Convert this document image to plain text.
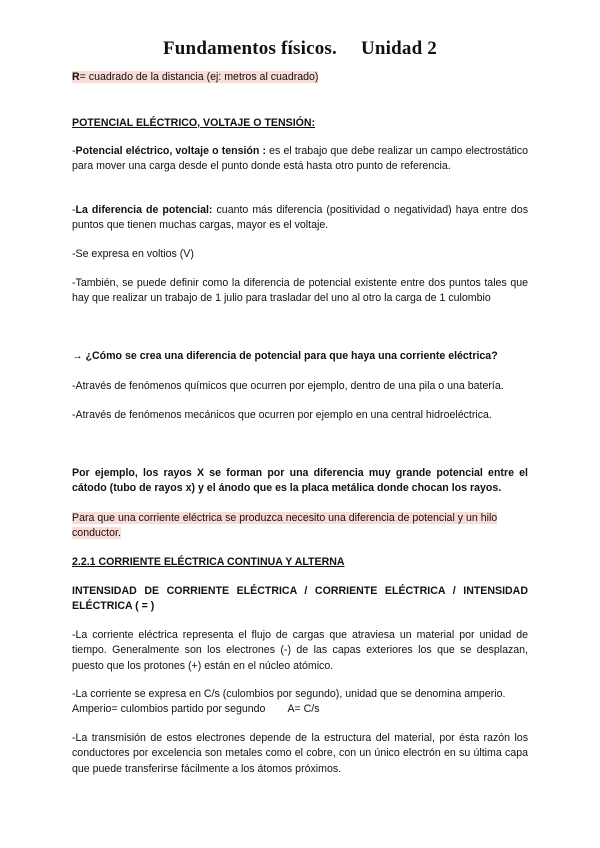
Fundamentos físicos. Unidad 2
R= cuadrado de la distancia (ej: metros al cuadrado)
POTENCIAL ELÉCTRICO, VOLTAJE O TENSIÓN:
-Potencial eléctrico, voltaje o tensión : es el trabajo que debe realizar un campo electrostático para mover una carga desde el punto donde está hasta otro punto de referencia.
-La diferencia de potencial: cuanto más diferencia (positividad o negatividad) haya entre dos puntos que tienen muchas cargas, mayor es el voltaje.
-Se expresa en voltios (V)
-También, se puede definir como la diferencia de potencial existente entre dos puntos tales que hay que realizar un trabajo de 1 julio para trasladar del uno al otro la carga de 1 culombio
→ ¿Cómo se crea una diferencia de potencial para que haya una corriente eléctrica?
-Através de fenómenos químicos que ocurren por ejemplo, dentro de una pila o una batería.
-Através de fenómenos mecánicos que ocurren por ejemplo en una central hidroeléctrica.
Por ejemplo, los rayos X se forman por una diferencia muy grande potencial entre el cátodo (tubo de rayos x) y el ánodo que es la placa metálica donde chocan los rayos.
Para que una corriente eléctrica se produzca necesito una diferencia de potencial y un hilo conductor.
2.2.1 CORRIENTE ELÉCTRICA CONTINUA Y ALTERNA
INTENSIDAD DE CORRIENTE ELÉCTRICA / CORRIENTE ELÉCTRICA / INTENSIDAD ELÉCTRICA ( = )
-La corriente eléctrica representa el flujo de cargas que atraviesa un material por unidad de tiempo. Generalmente son los electrones (-) de las capas exteriores los que se desplazan, puesto que los protones (+) están en el núcleo atómico.
-La corriente se expresa en C/s (culombios por segundo), unidad que se denomina amperio.
Amperio= culombios partido por segundo A= C/s
-La transmisión de estos electrones depende de la estructura del material, por ésta razón los conductores por excelencia son metales como el cobre, con un único electrón en su última capa que puede transferirse fácilmente a los átomos próximos.
